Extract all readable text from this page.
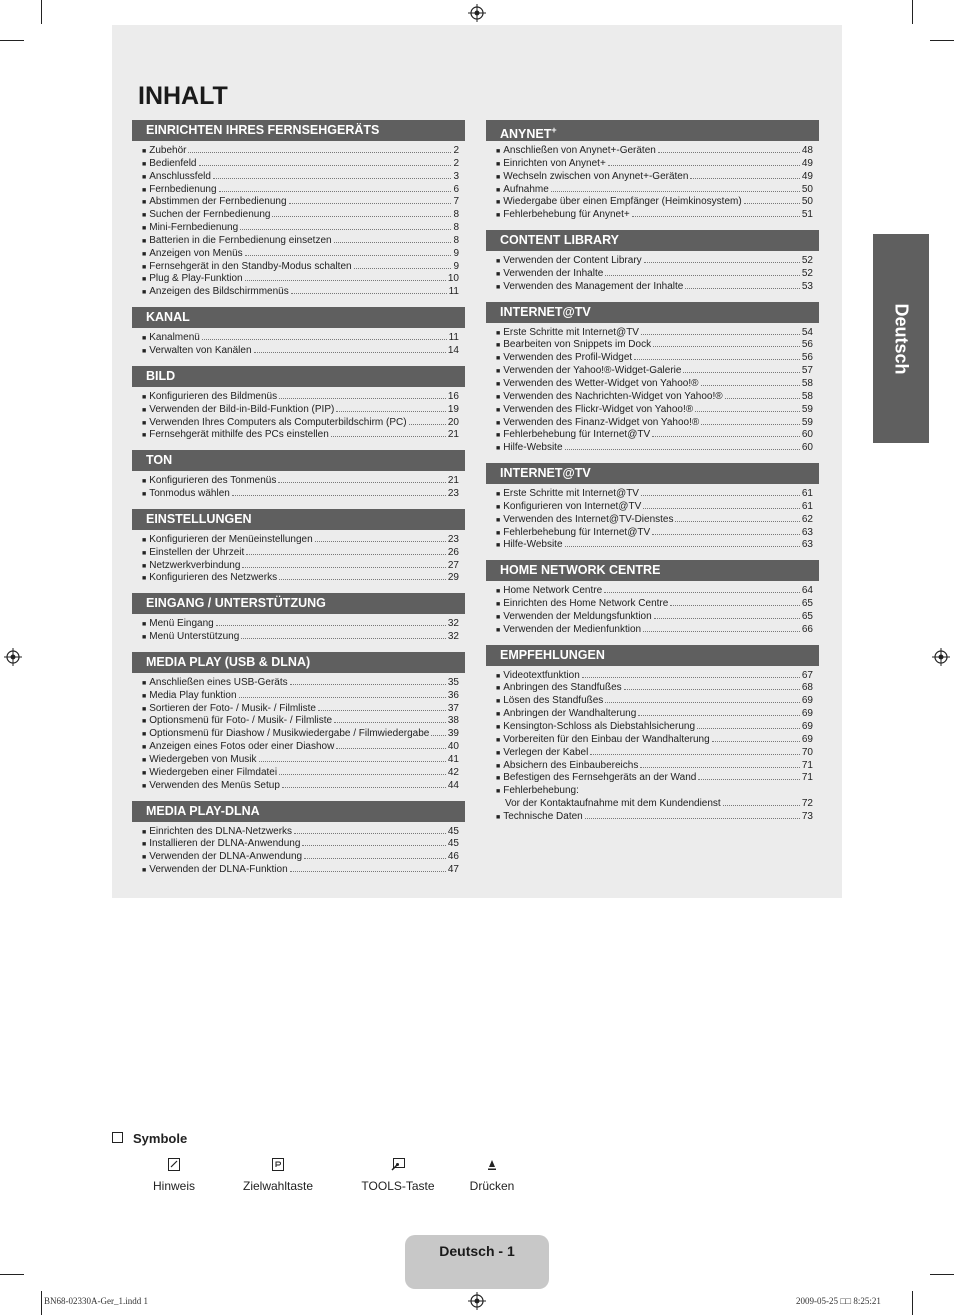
INHALT
EINRICHTEN IHRES FERNSEHGERÄTS
■ Zubehör	2
■ Bedienfeld	2
■ Anschlussfeld	3
■ Fernbedienung	6
■ Abstimmen der Fernbedienung	7
■ Suchen der Fernbedienung	8
■ Mini-Fernbedienung	8
■ Batterien in die Fernbedienung einsetzen	8
■ Anzeigen von Menüs	9
■ Fernsehgerät in den Standby-Modus schalten	9
■ Plug & Play-Funktion	10
■ Anzeigen des Bildschirmmenüs	11
KANAL
■ Kanalmenü	11
■ Verwalten von Kanälen	14
BILD
■ Konfigurieren des Bildmenüs	16
■ Verwenden der Bild-in-Bild-Funktion (PIP)	19
■ Verwenden Ihres Computers als Computerbildschirm (PC)	20
■ Fernsehgerät mithilfe des PCs einstellen	21
TON
■ Konfigurieren des Tonmenüs	21
■ Tonmodus wählen	23
EINSTELLUNGEN
■ Konfigurieren der Menüeinstellungen	23
■ Einstellen der Uhrzeit	26
■ Netzwerkverbindung	27
■ Konfigurieren des Netzwerks	29
EINGANG / UNTERSTÜTZUNG
■ Menü Eingang	32
■ Menü Unterstützung	32
MEDIA PLAY (USB & DLNA)
■ Anschließen eines USB-Geräts	35
■ Media Play funktion	36
■ Sortieren der Foto- / Musik- / Filmliste	37
■ Optionsmenü für Foto- / Musik- / Filmliste	38
■ Optionsmenü für Diashow / Musikwiedergabe / Filmwiedergabe 39
■ Anzeigen eines Fotos oder einer Diashow	40
■ Wiedergeben von Musik	41
■ Wiedergeben einer Filmdatei	42
■ Verwenden des Menüs Setup	44
MEDIA PLAY-DLNA
■ Einrichten des DLNA-Netzwerks	45
■ Installieren der DLNA-Anwendung	45
■ Verwenden der DLNA-Anwendung	46
■ Verwenden der DLNA-Funktion	47
ANYNET+
■ Anschließen von Anynet+-Geräten	48
■ Einrichten von Anynet+	49
■ Wechseln zwischen von Anynet+-Geräten	49
■ Aufnahme	50
■ Wiedergabe über einen Empfänger (Heimkinosystem)	50
■ Fehlerbehebung für Anynet+	51
CONTENT LIBRARY
■ Verwenden der Content Library	52
■ Verwenden der Inhalte	52
■ Verwenden des Management der Inhalte	53
INTERNET@TV
■ Erste Schritte mit Internet@TV	54
■ Bearbeiten von Snippets im Dock	56
■ Verwenden des Profil-Widget	56
■ Verwenden der Yahoo!®-Widget-Galerie	57
■ Verwenden des Wetter-Widget von Yahoo!®	58
■ Verwenden des Nachrichten-Widget von Yahoo!®	58
■ Verwenden des Flickr-Widget von Yahoo!®	59
■ Verwenden des Finanz-Widget von Yahoo!®	59
■ Fehlerbehebung für Internet@TV	60
■ Hilfe-Website	60
INTERNET@TV
■ Erste Schritte mit Internet@TV	61
■ Konfigurieren von Internet@TV	61
■ Verwenden des Internet@TV-Dienstes	62
■ Fehlerbehebung für Internet@TV	63
■ Hilfe-Website	63
HOME NETWORK CENTRE
■ Home Network Centre	64
■ Einrichten des Home Network Centre	65
■ Verwenden der Meldungsfunktion	65
■ Verwenden der Medienfunktion	66
EMPFEHLUNGEN
■ Videotextfunktion	67
■ Anbringen des Standfußes	68
■ Lösen des Standfußes	69
■ Anbringen der Wandhalterung	69
■ Kensington-Schloss als Diebstahlsicherung	69
■ Vorbereiten für den Einbau der Wandhalterung	69
■ Verlegen der Kabel	70
■ Absichern des Einbaubereichs	71
■ Befestigen des Fernsehgeräts an der Wand	71
■ Fehlerbehebung:
Vor der Kontaktaufnahme mit dem Kundendienst	72
■ Technische Daten	73
Deutsch
Symbole
Hinweis	Zielwahltaste	TOOLS-Taste	Drücken
Deutsch - 1
BN68-02330A-Ger_1.indd 1	2009-05-25 □□ 8:25:21
